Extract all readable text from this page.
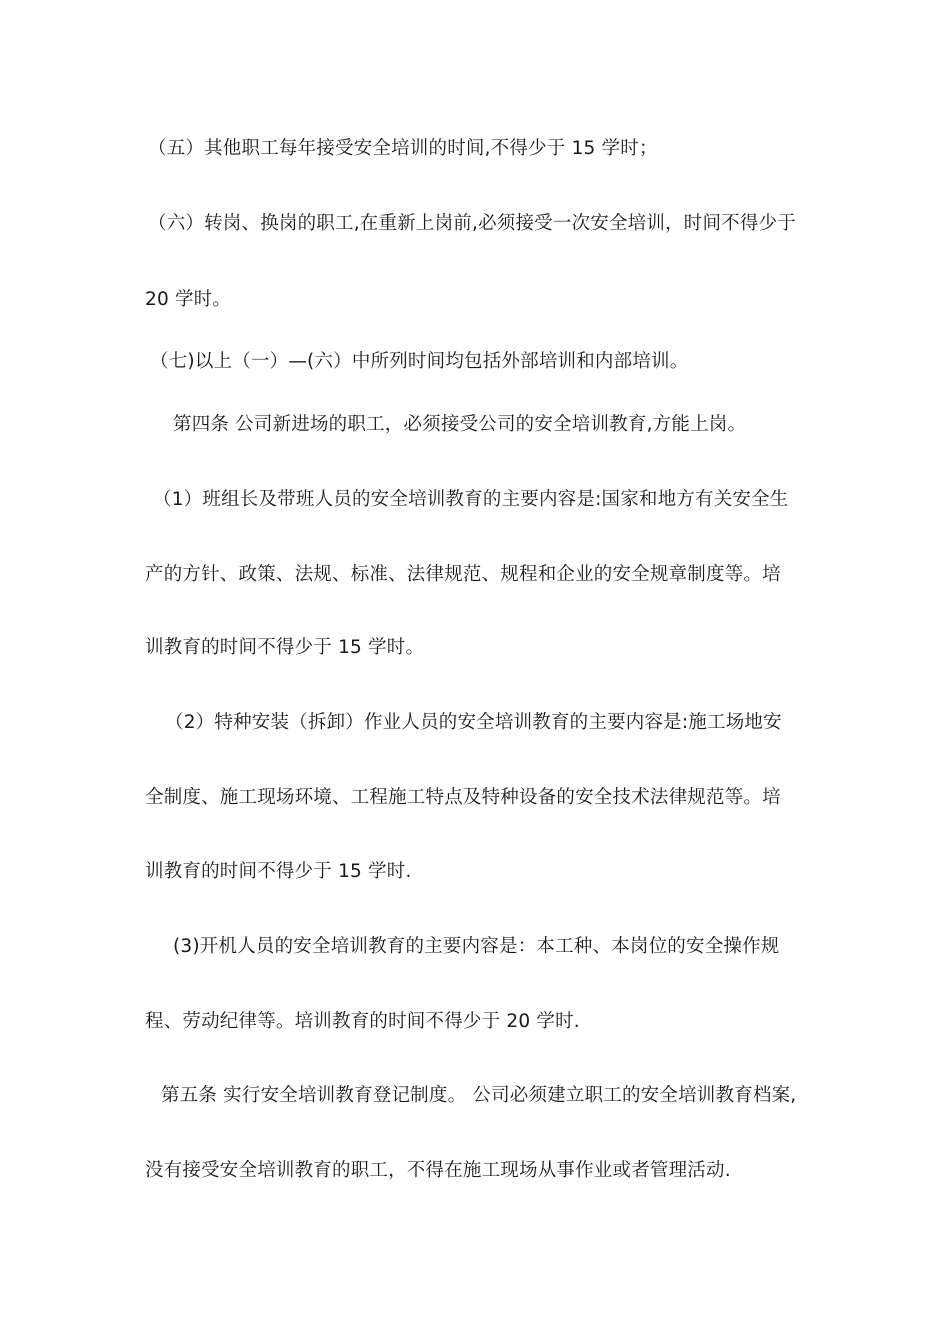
（五）其他职工每年接受安全培训的时间,不得少于 15 学时；
（六）转岗、换岗的职工,在重新上岗前,必须接受一次安全培训，时间不得少于
20 学时。
（七)以上（一）—(六）中所列时间均包括外部培训和内部培训。
第四条 公司新进场的职工，必须接受公司的安全培训教育,方能上岗。
（1）班组长及带班人员的安全培训教育的主要内容是:国家和地方有关安全生
产的方针、政策、法规、标准、法律规范、规程和企业的安全规章制度等。培
训教育的时间不得少于 15 学时。
（2）特种安装（拆卸）作业人员的安全培训教育的主要内容是:施工场地安
全制度、施工现场环境、工程施工特点及特种设备的安全技术法律规范等。培
训教育的时间不得少于 15 学时.
(3)开机人员的安全培训教育的主要内容是：本工种、本岗位的安全操作规
程、劳动纪律等。培训教育的时间不得少于 20 学时.
第五条 实行安全培训教育登记制度。 公司必须建立职工的安全培训教育档案,
没有接受安全培训教育的职工，不得在施工现场从事作业或者管理活动.
